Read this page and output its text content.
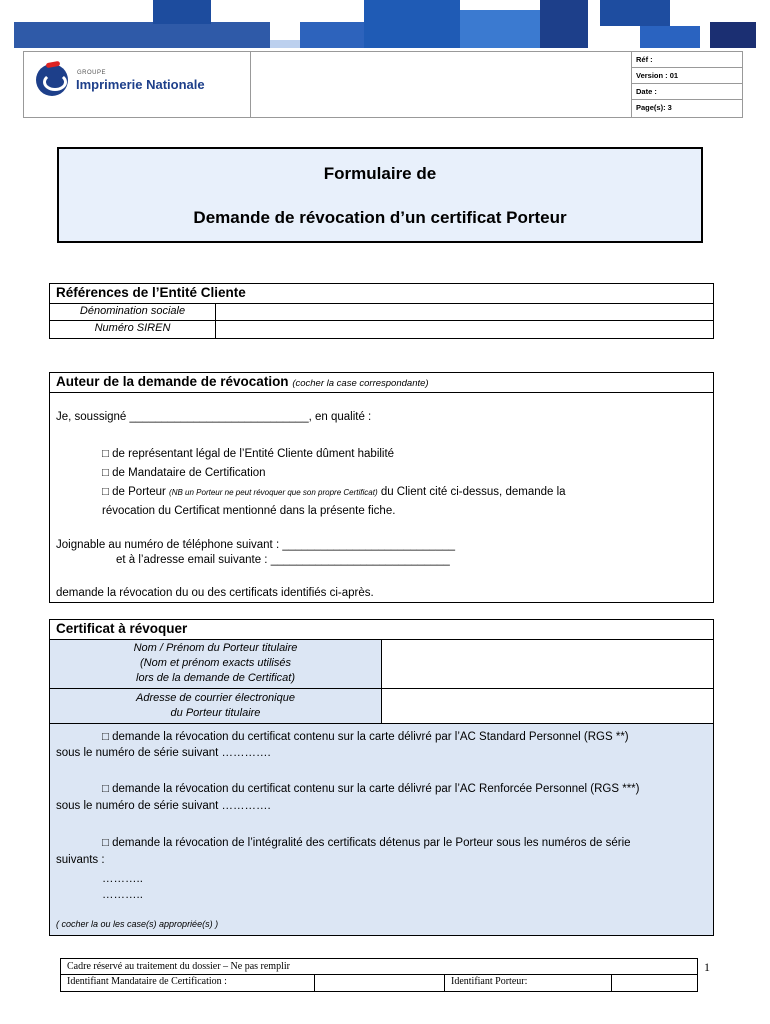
GROUPE
Imprimerie Nationale
Réf :
Version : 01
Date :
Page(s): 3
Formulaire de
Demande de révocation d’un certificat Porteur
Références de l’Entité Cliente
Dénomination sociale
Numéro SIREN
Auteur de la demande de révocation (cocher la case correspondante)
Je, soussigné ____________________________, en qualité :
□ de représentant légal de l’Entité Cliente dûment habilité
□ de Mandataire de Certification
□ de Porteur (NB un Porteur ne peut révoquer que son propre Certificat) du Client cité ci-dessus, demande la
révocation du Certificat mentionné dans la présente fiche.
Joignable au numéro de téléphone suivant : ___________________________
et à l’adresse email suivante : ____________________________
demande la révocation du ou des certificats identifiés ci-après.
Certificat à révoquer
Nom / Prénom du Porteur titulaire
(Nom et prénom exacts utilisés
lors de la demande de Certificat)
Adresse de courrier électronique
du Porteur titulaire
□ demande la révocation du certificat contenu sur la carte délivré par l’AC Standard Personnel (RGS **)
sous le numéro de série suivant ………….
□ demande la révocation du certificat contenu sur la carte délivré par l’AC Renforcée Personnel (RGS ***)
sous le numéro de série suivant ………….
□ demande la révocation de l’intégralité des certificats détenus par le Porteur sous les numéros de série
suivants :
………..
………..
( cocher la ou les case(s) appropriée(s) )
Cadre réservé au traitement du dossier – Ne pas remplir
Identifiant Mandataire de Certification :	Identifiant Porteur:
1
